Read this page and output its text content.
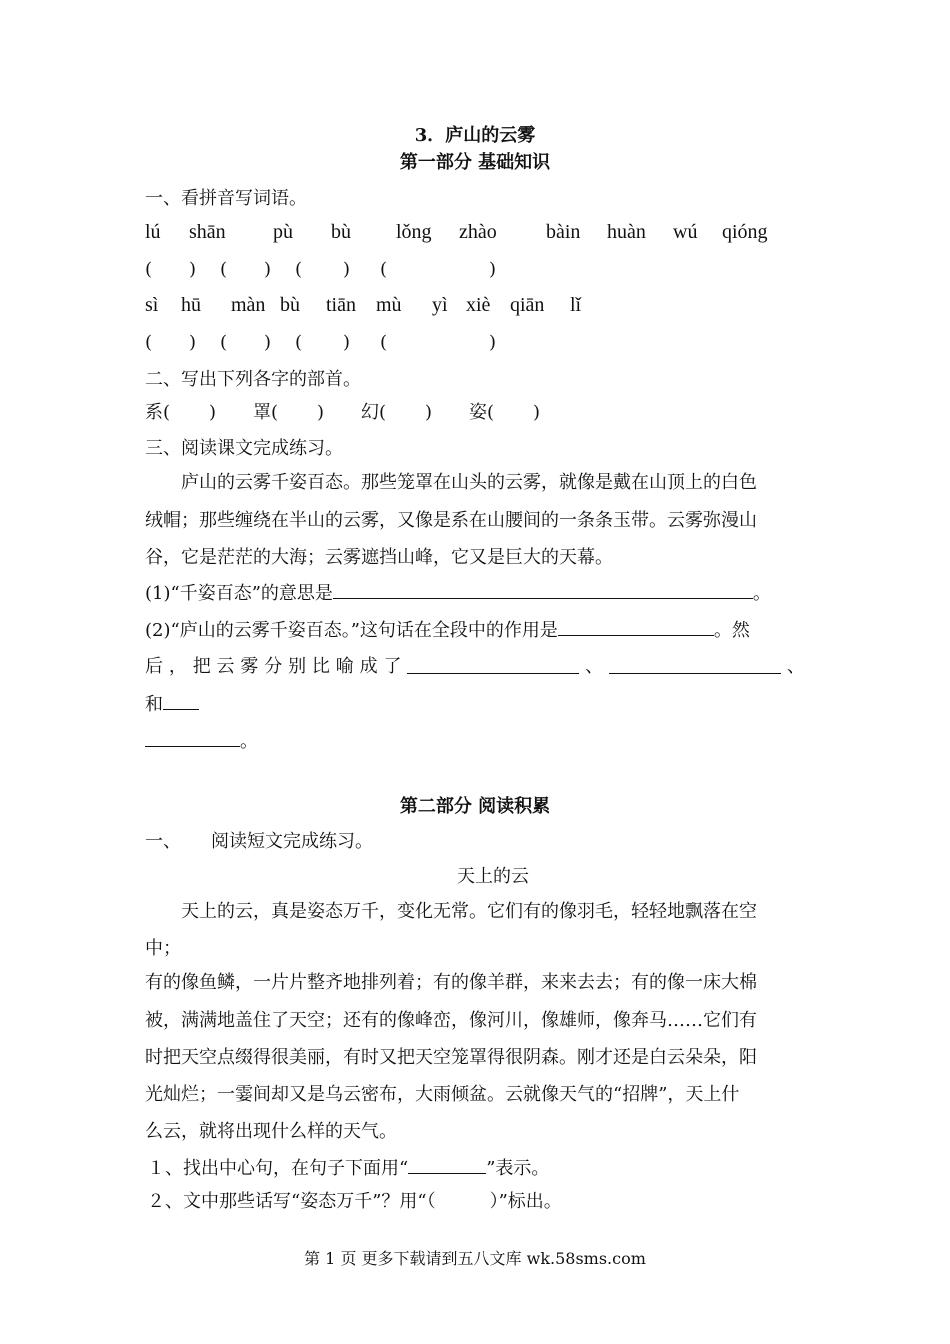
3．庐山的云雾
第一部分 基础知识
一、看拼音写词语。
lú shān pù bù lǒng zhào bàin huàn wú qióng
( ) ( ) ( ) (	)
sì hū màn bù tiān mù yì xiè qiān lǐ
( ) ( ) ( ) (	)
二、写出下列各字的部首。
系( ) 罩( ) 幻( ) 姿( )
三、阅读课文完成练习。
庐山的云雾千姿百态。那些笼罩在山头的云雾，就像是戴在山顶上的白色
绒帽；那些缠绕在半山的云雾，又像是系在山腰间的一条条玉带。云雾弥漫山
谷，它是茫茫的大海；云雾遮挡山峰，它又是巨大的天幕。
(1)“千姿百态”的意思是	。
(2)“庐山的云雾千姿百态。”这句话在全段中的作用是	。然
后 ， 把 云 雾 分 别 比 喻 成 了	、	、
和
。
第二部分 阅读积累
一、 阅读短文完成练习。
天上的云
天上的云，真是姿态万千，变化无常。它们有的像羽毛，轻轻地飘落在空
中；
有的像鱼鳞，一片片整齐地排列着；有的像羊群，来来去去；有的像一床大棉
被，满满地盖住了天空；还有的像峰峦，像河川，像雄师，像奔马……它们有
时把天空点缀得很美丽，有时又把天空笼罩得很阴森。刚才还是白云朵朵，阳
光灿烂；一霎间却又是乌云密布，大雨倾盆。云就像天气的“招牌”，天上什
么云，就将出现什么样的天气。
１、找出中心句，在句子下面用“	”表示。
２、文中那些话写“姿态万千”？用“（　　　）”标出。
第 1 页 更多下载请到五八文库 wk.58sms.com
